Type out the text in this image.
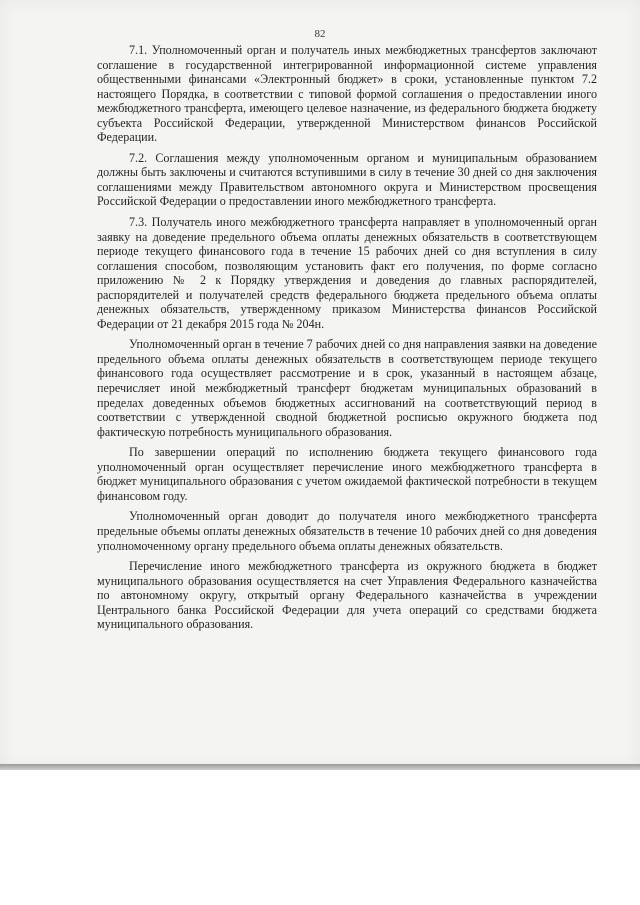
82

7.1. Уполномоченный орган и получатель иных межбюджетных трансфертов заключают соглашение в государственной интегрированной информационной системе управления общественными финансами «Электронный бюджет» в сроки, установленные пунктом 7.2 настоящего Порядка, в соответствии с типовой формой соглашения о предоставлении иного межбюджетного трансферта, имеющего целевое назначение, из федерального бюджета бюджету субъекта Российской Федерации, утвержденной Министерством финансов Российской Федерации.

7.2. Соглашения между уполномоченным органом и муниципальным образованием должны быть заключены и считаются вступившими в силу в течение 30 дней со дня заключения соглашениями между Правительством автономного округа и Министерством просвещения Российской Федерации о предоставлении иного межбюджетного трансферта.

7.3. Получатель иного межбюджетного трансферта направляет в уполномоченный орган заявку на доведение предельного объема оплаты денежных обязательств в соответствующем периоде текущего финансового года в течение 15 рабочих дней со дня вступления в силу соглашения способом, позволяющим установить факт его получения, по форме согласно приложению № 2 к Порядку утверждения и доведения до главных распорядителей, распорядителей и получателей средств федерального бюджета предельного объема оплаты денежных обязательств, утвержденному приказом Министерства финансов Российской Федерации от 21 декабря 2015 года № 204н.

Уполномоченный орган в течение 7 рабочих дней со дня направления заявки на доведение предельного объема оплаты денежных обязательств в соответствующем периоде текущего финансового года осуществляет рассмотрение и в срок, указанный в настоящем абзаце, перечисляет иной межбюджетный трансферт бюджетам муниципальных образований в пределах доведенных объемов бюджетных ассигнований на соответствующий период в соответствии с утвержденной сводной бюджетной росписью окружного бюджета под фактическую потребность муниципального образования.

По завершении операций по исполнению бюджета текущего финансового года уполномоченный орган осуществляет перечисление иного межбюджетного трансферта в бюджет муниципального образования с учетом ожидаемой фактической потребности в текущем финансовом году.

Уполномоченный орган доводит до получателя иного межбюджетного трансферта предельные объемы оплаты денежных обязательств в течение 10 рабочих дней со дня доведения уполномоченному органу предельного объема оплаты денежных обязательств.

Перечисление иного межбюджетного трансферта из окружного бюджета в бюджет муниципального образования осуществляется на счет Управления Федерального казначейства по автономному округу, открытый органу Федерального казначейства в учреждении Центрального банка Российской Федерации для учета операций со средствами бюджета муниципального образования.
